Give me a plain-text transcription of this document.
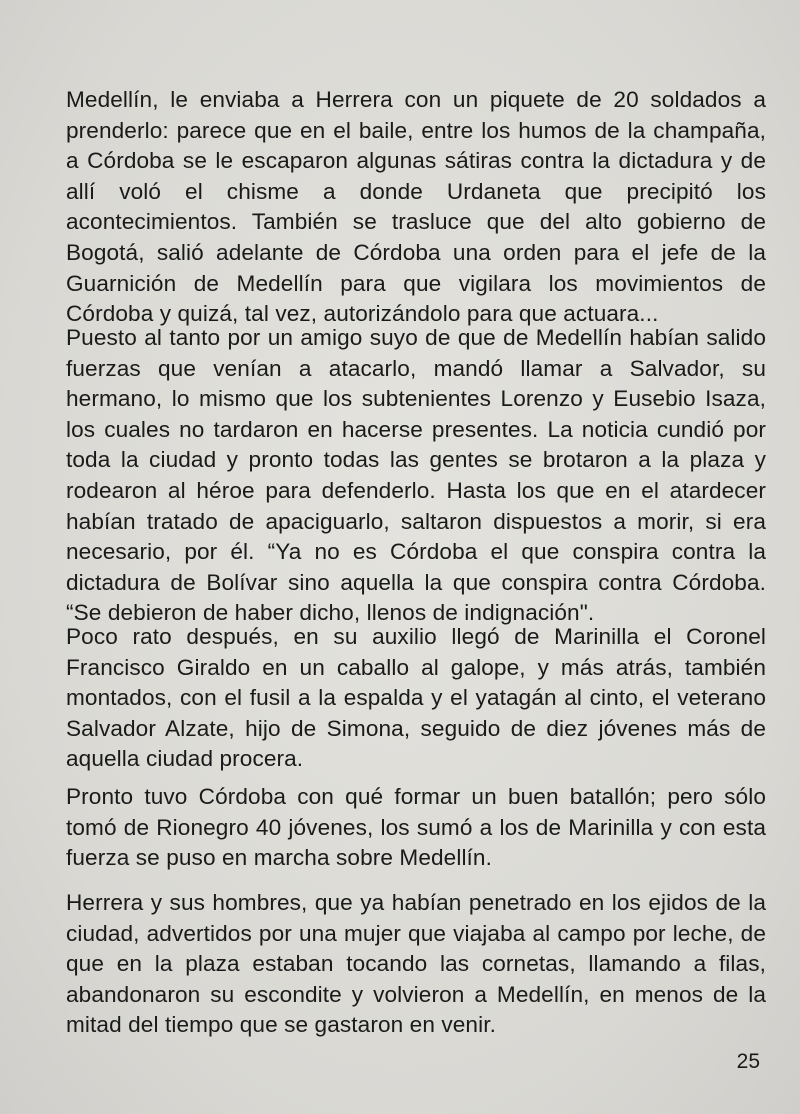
Medellín, le enviaba a Herrera con un piquete de 20 soldados a prenderlo: parece que en el baile, entre los humos de la champaña, a Córdoba se le escaparon algunas sátiras contra la dictadura y de allí voló el chisme a donde Urdaneta que precipitó los acontecimientos. También se trasluce que del alto gobierno de Bogotá, salió adelante de Córdoba una orden para el jefe de la Guarnición de Medellín para que vigilara los movimientos de Córdoba y quizá, tal vez, autorizándolo para que actuara...

Puesto al tanto por un amigo suyo de que de Medellín habían salido fuerzas que venían a atacarlo, mandó llamar a Salvador, su hermano, lo mismo que los subtenientes Lorenzo y Eusebio Isaza, los cuales no tardaron en hacerse presentes. La noticia cundió por toda la ciudad y pronto todas las gentes se brotaron a la plaza y rodearon al héroe para defenderlo. Hasta los que en el atardecer habían tratado de apaciguarlo, saltaron dispuestos a morir, si era necesario, por él. “Ya no es Córdoba el que conspira contra la dictadura de Bolívar sino aquella la que conspira contra Córdoba. “Se debieron de haber dicho, llenos de indignación".

Poco rato después, en su auxilio llegó de Marinilla el Coronel Francisco Giraldo en un caballo al galope, y más atrás, también montados, con el fusil a la espalda y el yatagán al cinto, el veterano Salvador Alzate, hijo de Simona, seguido de diez jóvenes más de aquella ciudad procera.

Pronto tuvo Córdoba con qué formar un buen batallón; pero sólo tomó de Rionegro 40 jóvenes, los sumó a los de Marinilla y con esta fuerza se puso en marcha sobre Medellín.

Herrera y sus hombres, que ya habían penetrado en los ejidos de la ciudad, advertidos por una mujer que viajaba al campo por leche, de que en la plaza estaban tocando las cornetas, llamando a filas, abandonaron su escondite y volvieron a Medellín, en menos de la mitad del tiempo que se gastaron en venir.

25
